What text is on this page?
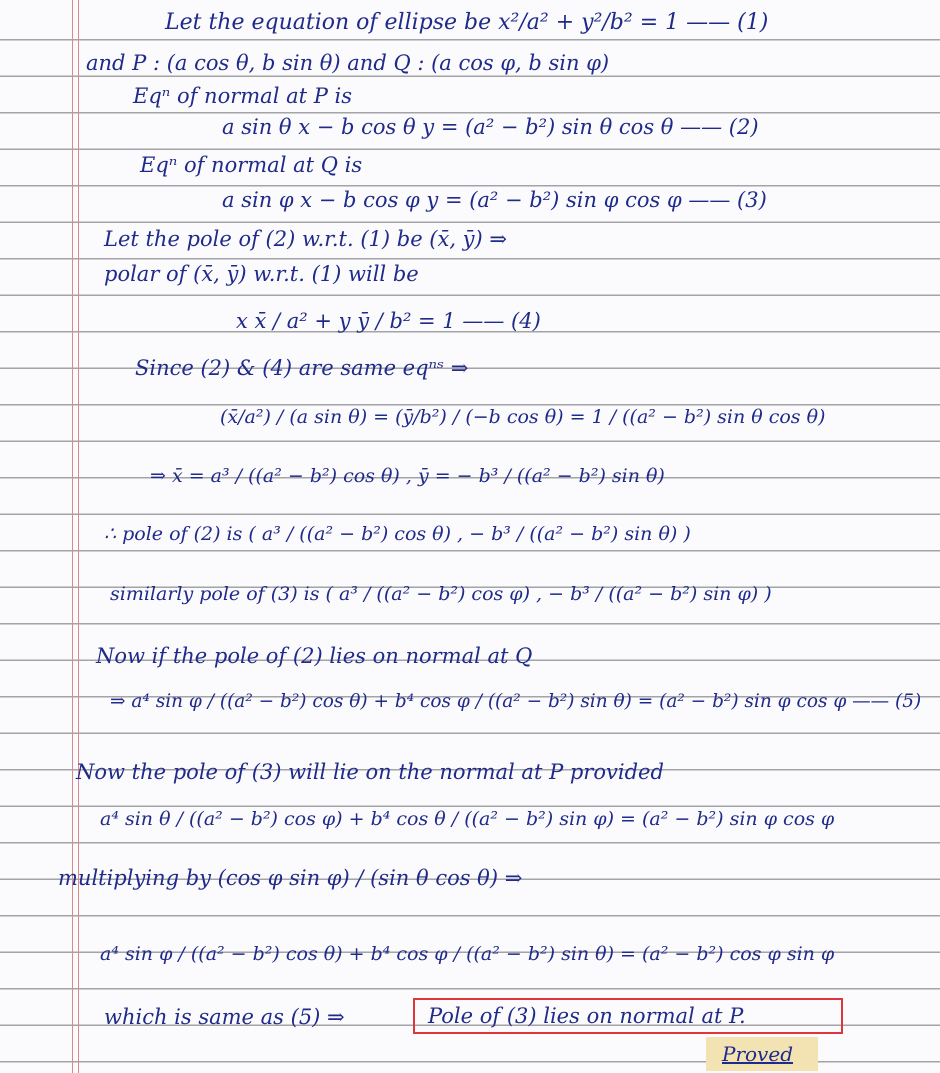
Let the equation of ellipse be x²/a² + y²/b² = 1 —— (1)
and P : (a cos θ, b sin θ) and Q : (a cos φ, b sin φ)
Eqⁿ of normal at P is
a sin θ x − b cos θ y = (a² − b²) sin θ cos θ —— (2)
Eqⁿ of normal at Q is
a sin φ x − b cos φ y = (a² − b²) sin φ cos φ —— (3)
Let the pole of (2) w.r.t. (1) be (x̄, ȳ) ⇒
polar of (x̄, ȳ) w.r.t. (1) will be
x x̄ / a² + y ȳ / b² = 1 —— (4)
Since (2) & (4) are same eqⁿˢ ⇒
(x̄/a²) / (a sin θ) = (ȳ/b²) / (−b cos θ) = 1 / ((a² − b²) sin θ cos θ)
⇒ x̄ = a³ / ((a² − b²) cos θ) , ȳ = − b³ / ((a² − b²) sin θ)
∴ pole of (2) is ( a³ / ((a² − b²) cos θ) , − b³ / ((a² − b²) sin θ) )
similarly pole of (3) is ( a³ / ((a² − b²) cos φ) , − b³ / ((a² − b²) sin φ) )
Now if the pole of (2) lies on normal at Q
⇒ a⁴ sin φ / ((a² − b²) cos θ) + b⁴ cos φ / ((a² − b²) sin θ) = (a² − b²) sin φ cos φ —— (5)
Now the pole of (3) will lie on the normal at P provided
a⁴ sin θ / ((a² − b²) cos φ) + b⁴ cos θ / ((a² − b²) sin φ) = (a² − b²) sin φ cos φ
multiplying by (cos φ sin φ) / (sin θ cos θ) ⇒
a⁴ sin φ / ((a² − b²) cos θ) + b⁴ cos φ / ((a² − b²) sin θ) = (a² − b²) cos φ sin φ
which is same as (5) ⇒	Pole of (3) lies on normal at P.
Proved
